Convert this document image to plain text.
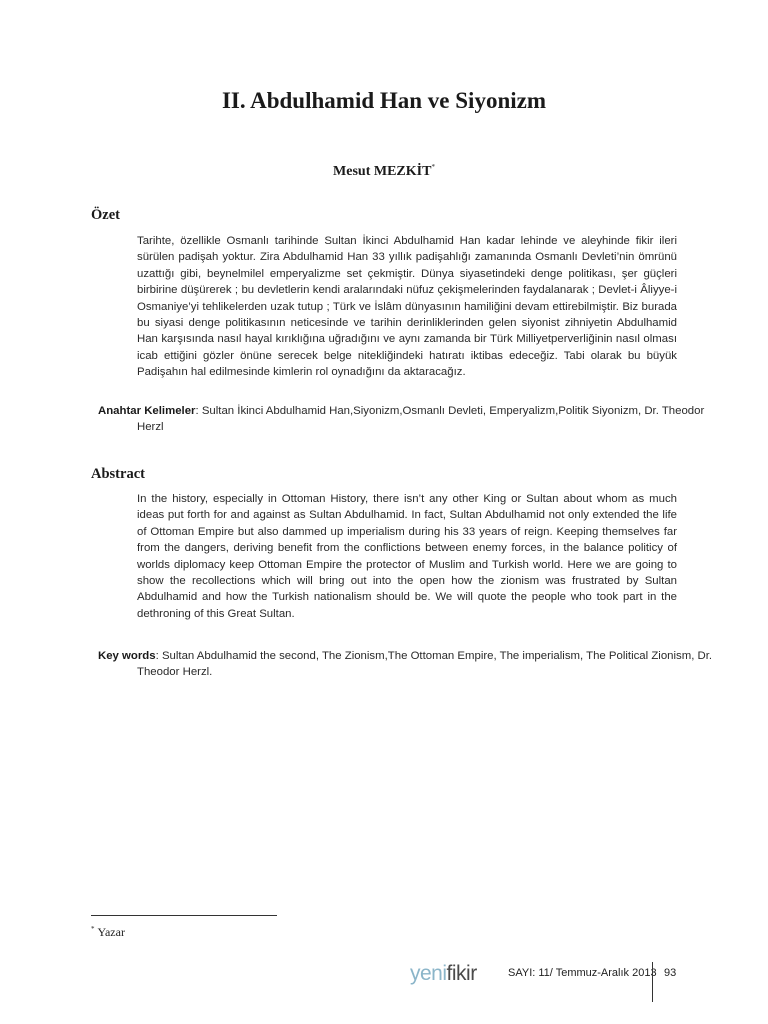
II. Abdulhamid Han ve Siyonizm
Mesut MEZKİT*
Özet

Tarihte, özellikle Osmanlı tarihinde Sultan İkinci Abdulhamid Han kadar lehinde ve aleyhinde fikir ileri sürülen padişah yoktur. Zira Abdulhamid Han 33 yıllık padişahlığı zamanında Osmanlı Devleti’nin ömrünü uzattığı gibi, beynelmilel emperyalizme set çekmiştir. Dünya siyasetindeki denge politikası, şer güçleri birbirine düşürerek ; bu devletlerin kendi aralarındaki nüfuz çekişmelerinden faydalanarak ; Devlet-i Âliyye-i Osmaniye’yi tehlikelerden uzak tutup ; Türk ve İslâm dünyasının hamiliğini devam ettirebilmiştir. Biz burada bu siyasi denge politikasının neticesinde ve tarihin derinliklerinden gelen siyonist zihniyetin Abdulhamid Han karşısında nasıl hayal kırıklığına uğradığını ve aynı zamanda bir Türk Milliyetperverliğinin nasıl olması icab ettiğini gözler önüne serecek belge nitekliğindeki hatıratı iktibas edeceğiz. Tabi olarak bu büyük Padişahın hal edilmesinde kimlerin rol oynadığını da aktaracağız.

Anahtar Kelimeler: Sultan İkinci Abdulhamid Han,Siyonizm,Osmanlı Devleti, Emperyalizm,Politik Siyonizm, Dr. Theodor Herzl

Abstract

In the history, especially in Ottoman History, there isn’t any other King or Sultan about whom as much ideas put forth for and against as Sultan Abdulhamid. In fact, Sultan Abdulhamid not only extended the life of Ottoman Empire but also dammed up imperialism during his 33 years of reign. Keeping themselves far from the dangers, deriving benefit from the conflictions between enemy forces, in the balance politicy of worlds diplomacy keep Ottoman Empire the protector of Muslim and Turkish world. Here we are going to show the recollections which will bring out into the open how the zionism was frustrated by Sultan Abdulhamid and how the Turkish nationalism should be. We will quote the people who took part in the dethroning of this Great Sultan.

Key words: Sultan Abdulhamid the second, The Zionism,The Ottoman Empire, The imperialism, The Political Zionism, Dr. Theodor Herzl.

* Yazar
yenifikir	SAYI: 11/ Temmuz-Aralık 2013 93
